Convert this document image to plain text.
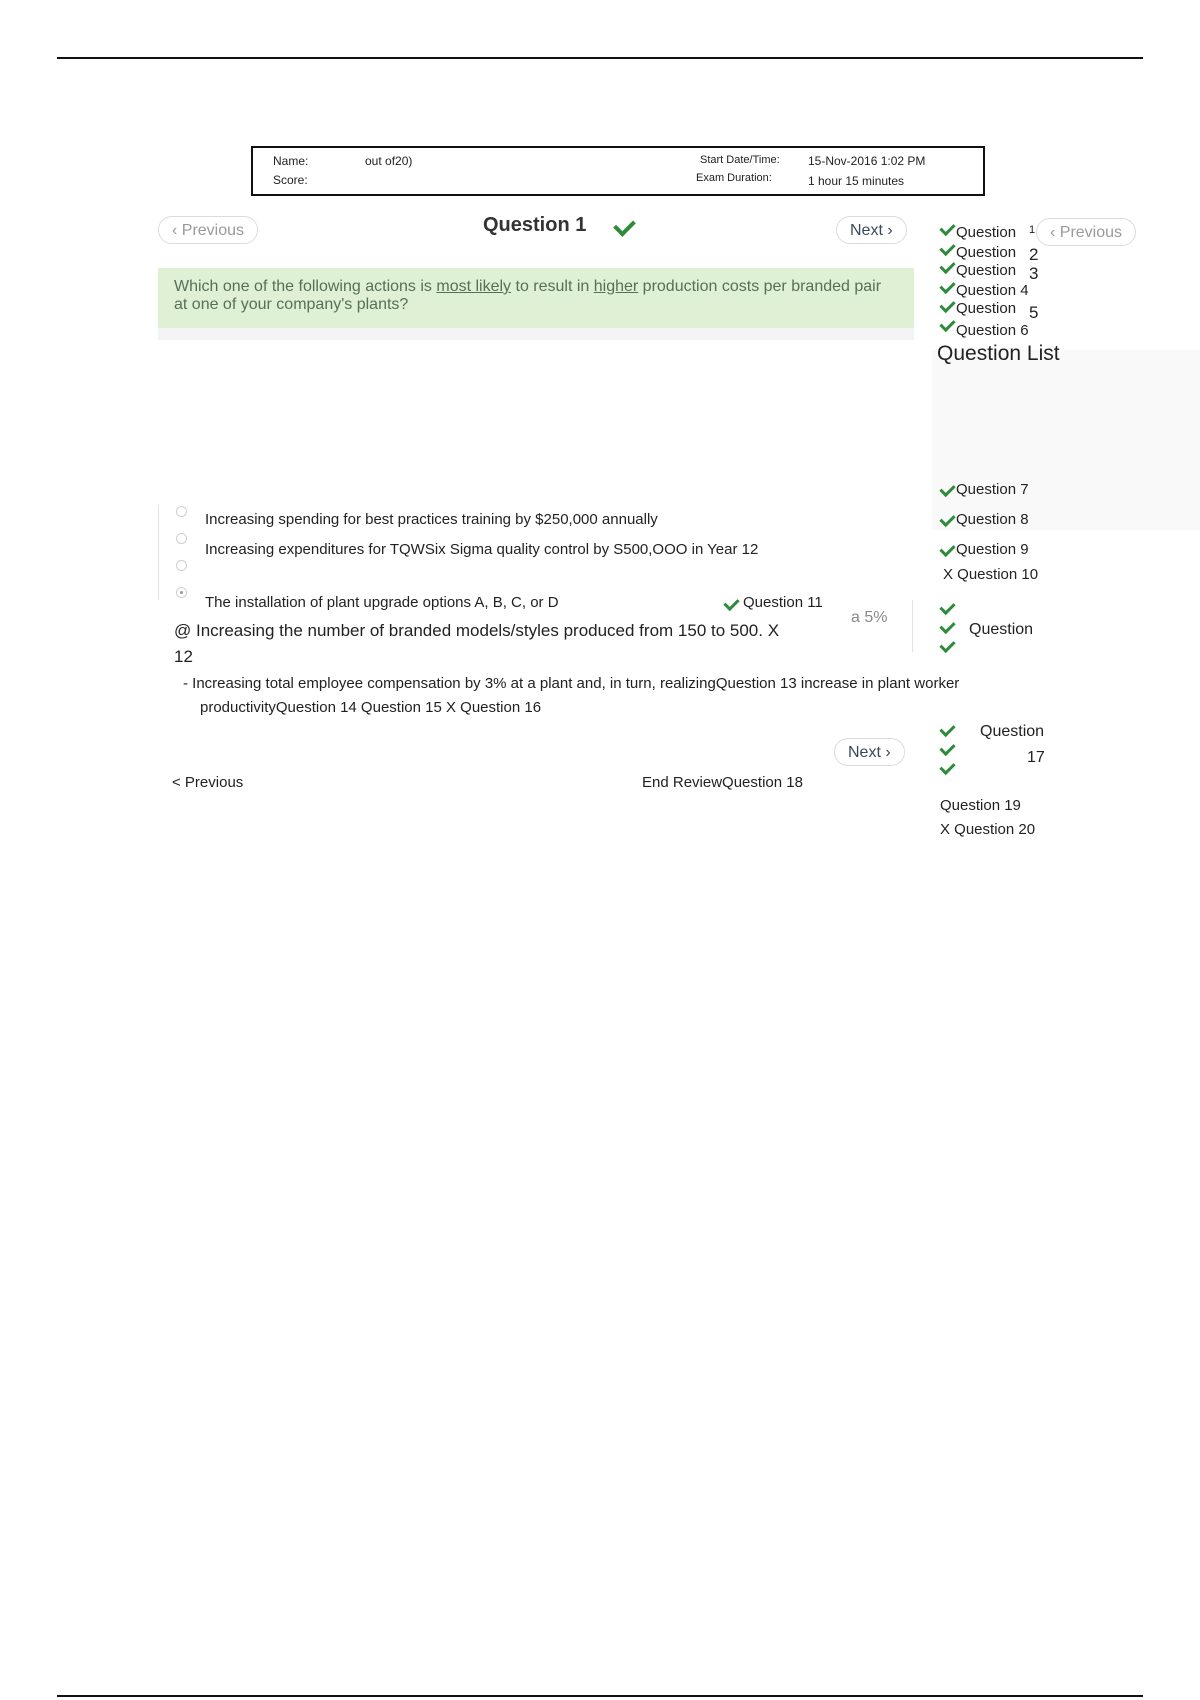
Name:
Score:
out of20)	Start Date/Time: 15-Nov-2016 1:02 PM
Exam Duration:	1 hour 15 minutes
‹ Previous	Question 1	Next ›	‹ Previous
Which one of the following actions is most likely to result in higher production costs per branded pair at one of your company's plants?
Question 1
Question 2
Question 3
Question 4
Question 5
Question 6
Question List
Question 7
Question 8
Question 9
X Question 10
Increasing spending for best practices training by $250,000 annually
Increasing expenditures for TQWSix Sigma quality control by S500,OOO in Year 12
The installation of plant upgrade options A, B, C, or D	Question 11
@ Increasing the number of branded models/styles produced from 150 to 500. X
12
a 5%
Question
- Increasing total employee compensation by 3% at a plant and, in turn, realizingQuestion 13 increase in plant worker
productivityQuestion 14 Question 15 X Question 16
Next ›
< Previous	End ReviewQuestion 18
Question
17
Question 19
X Question 20
